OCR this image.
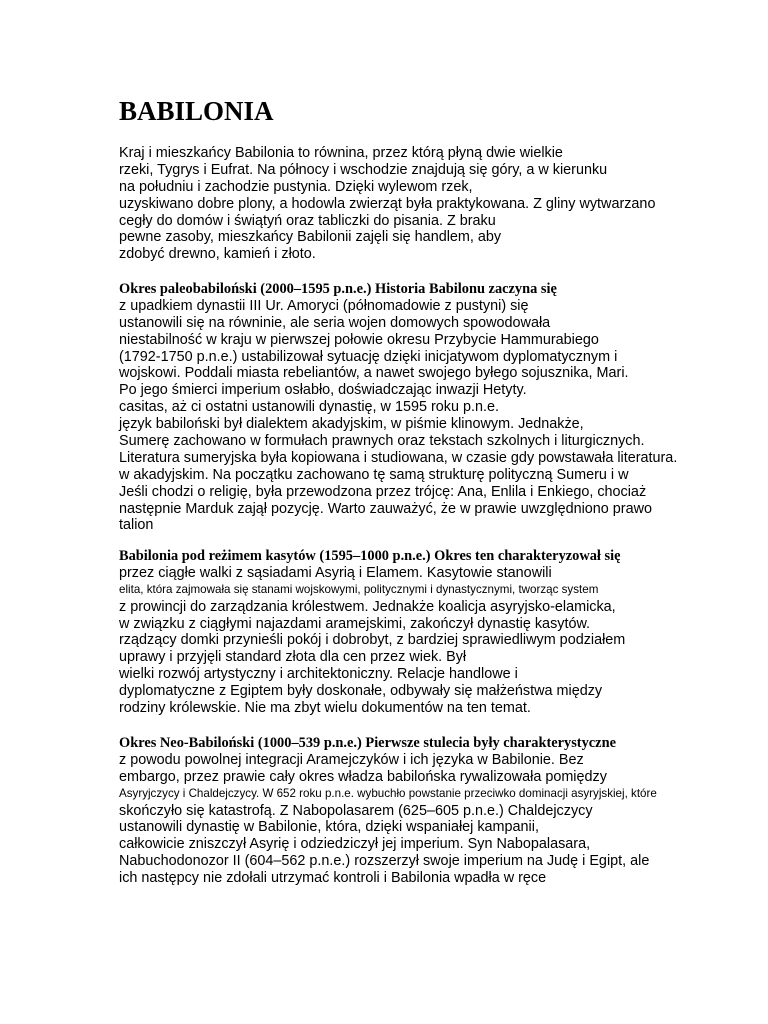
BABILONIA
Kraj i mieszkańcy Babilonia to równina, przez którą płyną dwie wielkie
rzeki, Tygrys i Eufrat. Na północy i wschodzie znajdują się góry, a w kierunku
na południu i zachodzie pustynia. Dzięki wylewom rzek,
uzyskiwano dobre plony, a hodowla zwierząt była praktykowana. Z gliny wytwarzano
cegły do domów i świątyń oraz tabliczki do pisania. Z braku
pewne zasoby, mieszkańcy Babilonii zajęli się handlem, aby
zdobyć drewno, kamień i złoto.
Okres paleobabiloński (2000–1595 p.n.e.) Historia Babilonu zaczyna się
z upadkiem dynastii III Ur. Amoryci (półnomadowie z pustyni) się
ustanowili się na równinie, ale seria wojen domowych spowodowała
niestabilność w kraju w pierwszej połowie okresu Przybycie Hammurabiego
(1792-1750 p.n.e.) ustabilizował sytuację dzięki inicjatywom dyplomatycznym i
wojskowi. Poddali miasta rebeliantów, a nawet swojego byłego sojusznika, Mari.
Po jego śmierci imperium osłabło, doświadczając inwazji Hetyty.
casitas, aż ci ostatni ustanowili dynastię, w 1595 roku p.n.e.
język babiloński był dialektem akadyjskim, w piśmie klinowym. Jednakże,
Sumerę zachowano w formułach prawnych oraz tekstach szkolnych i liturgicznych.
Literatura sumeryjska była kopiowana i studiowana, w czasie gdy powstawała literatura.
w akadyjskim. Na początku zachowano tę samą strukturę polityczną Sumeru i w
Jeśli chodzi o religię, była przewodzona przez trójcę: Ana, Enlila i Enkiego, chociaż
następnie Marduk zajął pozycję. Warto zauważyć, że w prawie uwzględniono prawo
talion
Babilonia pod reżimem kasytów (1595–1000 p.n.e.) Okres ten charakteryzował się
przez ciągłe walki z sąsiadami Asyrią i Elamem. Kasytowie stanowili
elita, która zajmowała się stanami wojskowymi, politycznymi i dynastycznymi, tworząc system
z prowincji do zarządzania królestwem. Jednakże koalicja asyryjsko-elamicka,
w związku z ciągłymi najazdami aramejskimi, zakończył dynastię kasytów.
rządzący domki przynieśli pokój i dobrobyt, z bardziej sprawiedliwym podziałem
uprawy i przyjęli standard złota dla cen przez wiek. Był
wielki rozwój artystyczny i architektoniczny. Relacje handlowe i
dyplomatyczne z Egiptem były doskonałe, odbywały się małżeństwa między
rodziny królewskie. Nie ma zbyt wielu dokumentów na ten temat.
Okres Neo-Babiloński (1000–539 p.n.e.) Pierwsze stulecia były charakterystyczne
z powodu powolnej integracji Aramejczyków i ich języka w Babilonie. Bez
embargo, przez prawie cały okres władza babilońska rywalizowała pomiędzy
Asyryjczycy i Chaldejczycy. W 652 roku p.n.e. wybuchło powstanie przeciwko dominacji asyryjskiej, które
skończyło się katastrofą. Z Nabopolasarem (625–605 p.n.e.) Chaldejczycy
ustanowili dynastię w Babilonie, która, dzięki wspaniałej kampanii,
całkowicie zniszczył Asyrię i odziedziczył jej imperium. Syn Nabopalasara,
Nabuchodonozor II (604–562 p.n.e.) rozszerzył swoje imperium na Judę i Egipt, ale
ich następcy nie zdołali utrzymać kontroli i Babilonia wpadła w ręce
